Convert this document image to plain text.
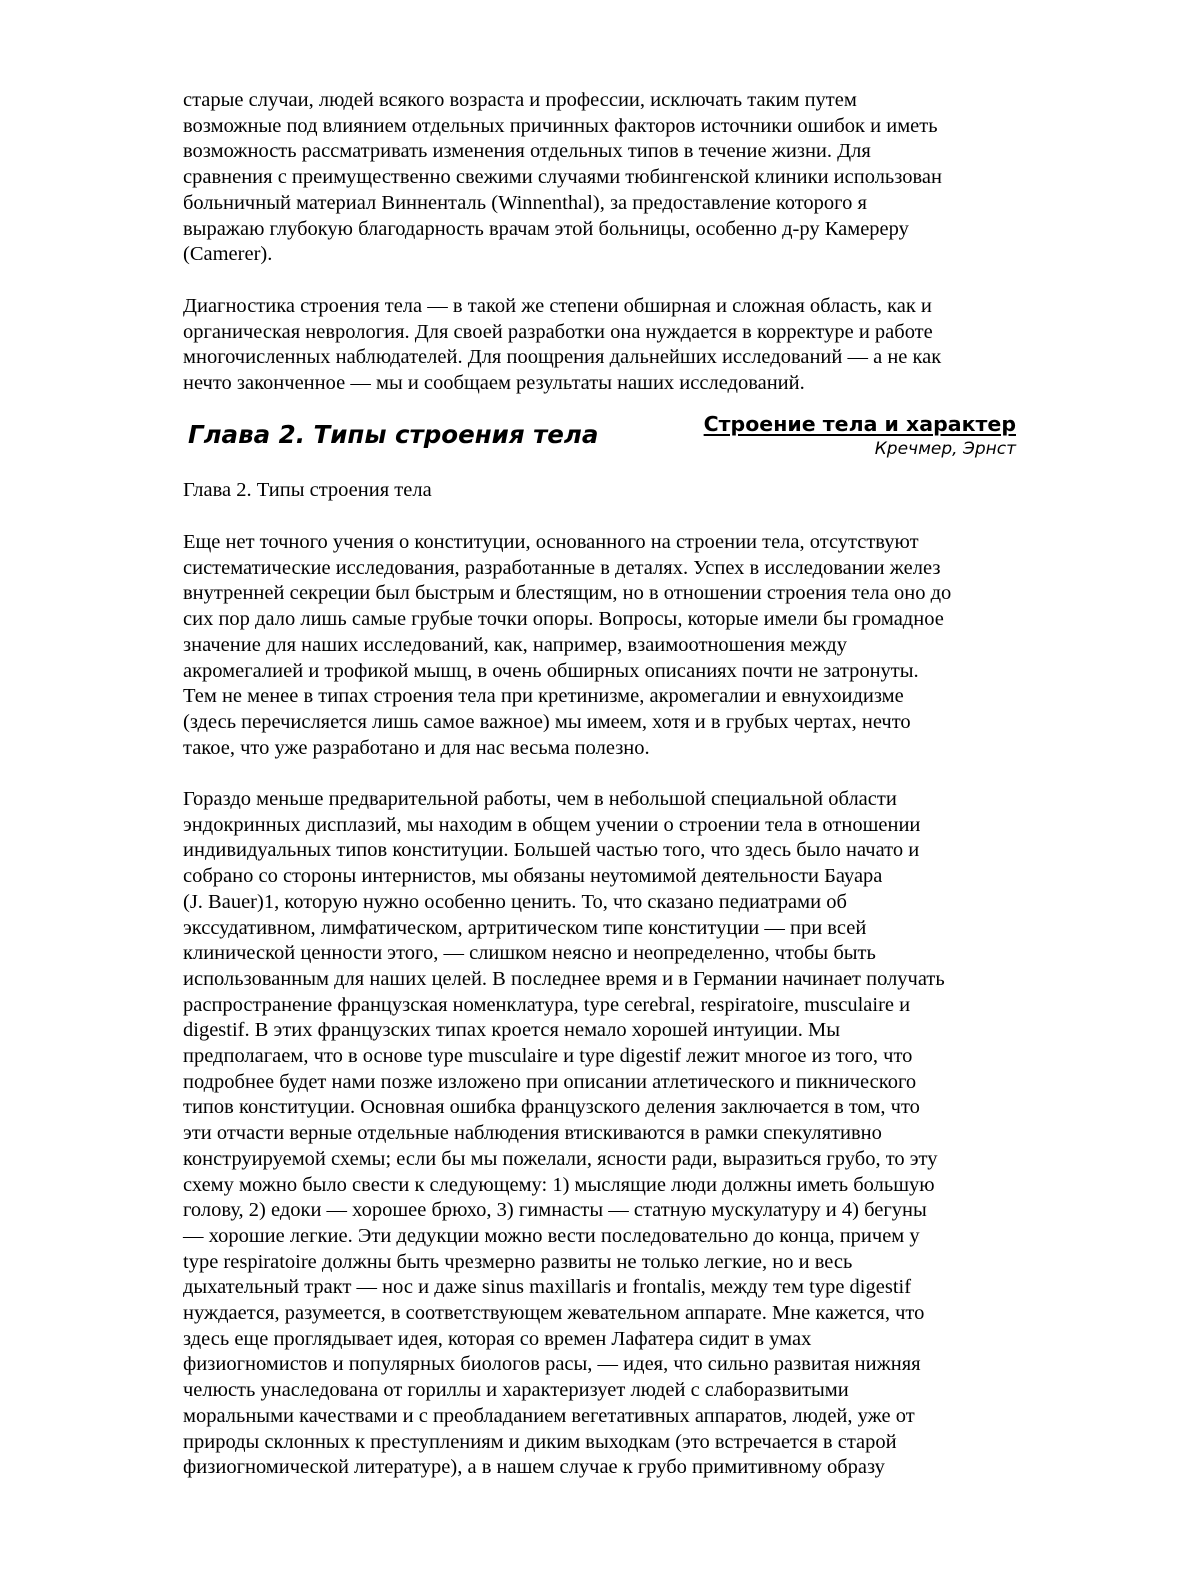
старые случаи, людей всякого возраста и профессии, исключать таким путем
возможные под влиянием отдельных причинных факторов источники ошибок и иметь
возможность рассматривать изменения отдельных типов в течение жизни. Для
сравнения с преимущественно свежими случаями тюбингенской клиники использован
больничный материал Винненталь (Winnenthal), за предоставление которого я
выражаю глубокую благодарность врачам этой больницы, особенно д-ру Камереру
(Camerer).
Диагностика строения тела — в такой же степени обширная и сложная область, как и
органическая неврология. Для своей разработки она нуждается в корректуре и работе
многочисленных наблюдателей. Для поощрения дальнейших исследований — а не как
нечто законченное — мы и сообщаем результаты наших исследований.
Глава 2. Типы строения тела	Строение тела и характер
Кречмер, Эрнст
Глава 2. Типы строения тела
Еще нет точного учения о конституции, основанного на строении тела, отсутствуют
систематические исследования, разработанные в деталях. Успех в исследовании желез
внутренней секреции был быстрым и блестящим, но в отношении строения тела оно до
сих пор дало лишь самые грубые точки опоры. Вопросы, которые имели бы громадное
значение для наших исследований, как, например, взаимоотношения между
акромегалией и трофикой мышц, в очень обширных описаниях почти не затронуты.
Тем не менее в типах строения тела при кретинизме, акромегалии и евнухоидизме
(здесь перечисляется лишь самое важное) мы имеем, хотя и в грубых чертах, нечто
такое, что уже разработано и для нас весьма полезно.
Гораздо меньше предварительной работы, чем в небольшой специальной области
эндокринных дисплазий, мы находим в общем учении о строении тела в отношении
индивидуальных типов конституции. Большей частью того, что здесь было начато и
собрано со стороны интернистов, мы обязаны неутомимой деятельности Бауара
(J. Bauer)1, которую нужно особенно ценить. То, что сказано педиатрами об
экссудативном, лимфатическом, артритическом типе конституции — при всей
клинической ценности этого, — слишком неясно и неопределенно, чтобы быть
использованным для наших целей. В последнее время и в Германии начинает получать
распространение французская номенклатура, type cerebral, respiratoire, musculaire и
digestif. В этих французских типах кроется немало хорошей интуиции. Мы
предполагаем, что в основе type musculaire и type digestif лежит многое из того, что
подробнее будет нами позже изложено при описании атлетического и пикнического
типов конституции. Основная ошибка французского деления заключается в том, что
эти отчасти верные отдельные наблюдения втискиваются в рамки спекулятивно
конструируемой схемы; если бы мы пожелали, ясности ради, выразиться грубо, то эту
схему можно было свести к следующему: 1) мыслящие люди должны иметь большую
голову, 2) едоки — хорошее брюхо, 3) гимнасты — статную мускулатуру и 4) бегуны
— хорошие легкие. Эти дедукции можно вести последовательно до конца, причем у
type respiratoire должны быть чрезмерно развиты не только легкие, но и весь
дыхательный тракт — нос и даже sinus maxillaris и frontalis, между тем type digestif
нуждается, разумеется, в соответствующем жевательном аппарате. Мне кажется, что
здесь еще проглядывает идея, которая со времен Лафатера сидит в умах
физиогномистов и популярных биологов расы, — идея, что сильно развитая нижняя
челюсть унаследована от гориллы и характеризует людей с слаборазвитыми
моральными качествами и с преобладанием вегетативных аппаратов, людей, уже от
природы склонных к преступлениям и диким выходкам (это встречается в старой
физиогномической литературе), а в нашем случае к грубо примитивному образу
